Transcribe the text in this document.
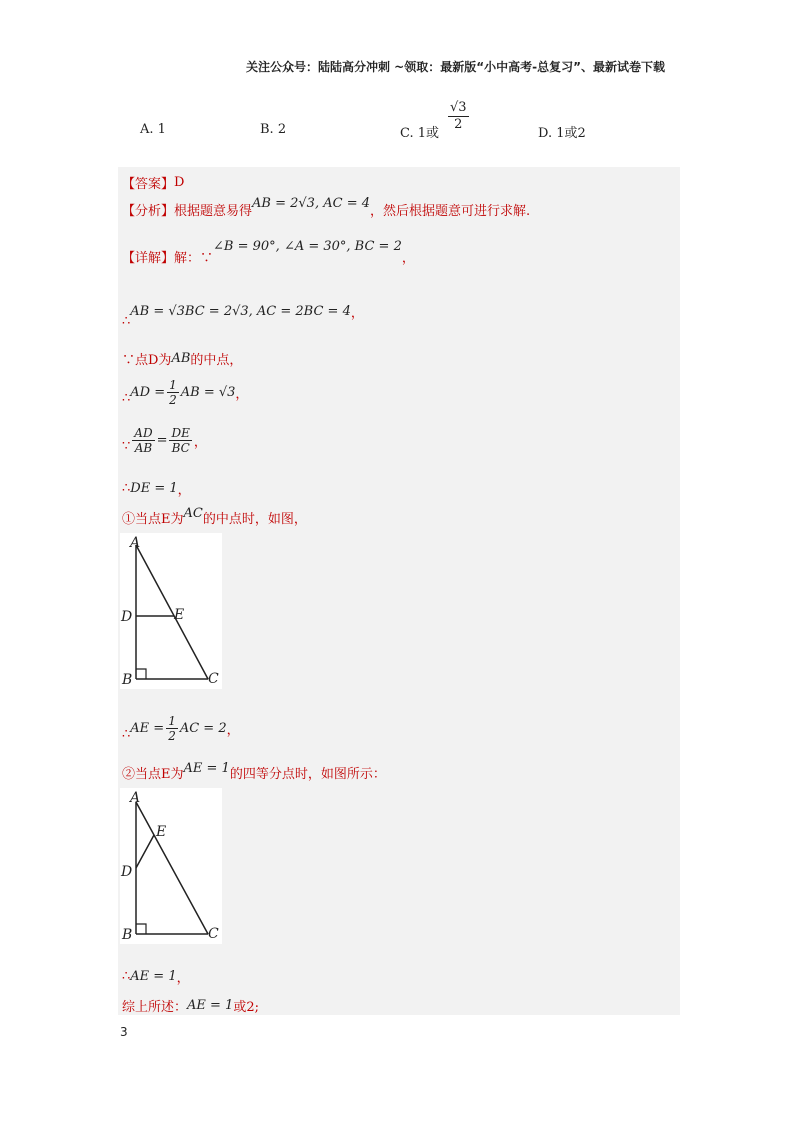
关注公众号：陆陆高分冲刺 ~领取：最新版“小中高考-总复习”、最新试卷下载
A. 1	B. 2	C. 1或
$\frac{√3}{2}$
D. 1或2
【答案】 D
【分析】 根据题意易得
AB = 2√3, AC = 4
，然后根据题意可进行求解.
【详解】 解：∵
∠B = 90°, ∠A = 30°, BC = 2
，
∴
AB = √3BC = 2√3, AC = 2BC = 4 ，
∵点D为 AB 的中点，
∴ AD = $\frac{1}{2}$ AB = √3 ，
∵ $\frac{AD}{AB} = \frac{DE}{BC}$ ，
∴ DE = 1 ，
①当点E为 AC 的中点时，如图，
A
D	E
B	C
∴ AE = $\frac{1}{2}$ AC = 2 ，
②当点E为 AE = 1 的四等分点时，如图所示：
A
D
E
B	C
∴ AE = 1 ，
综上所述： AE = 1 或2;
3
